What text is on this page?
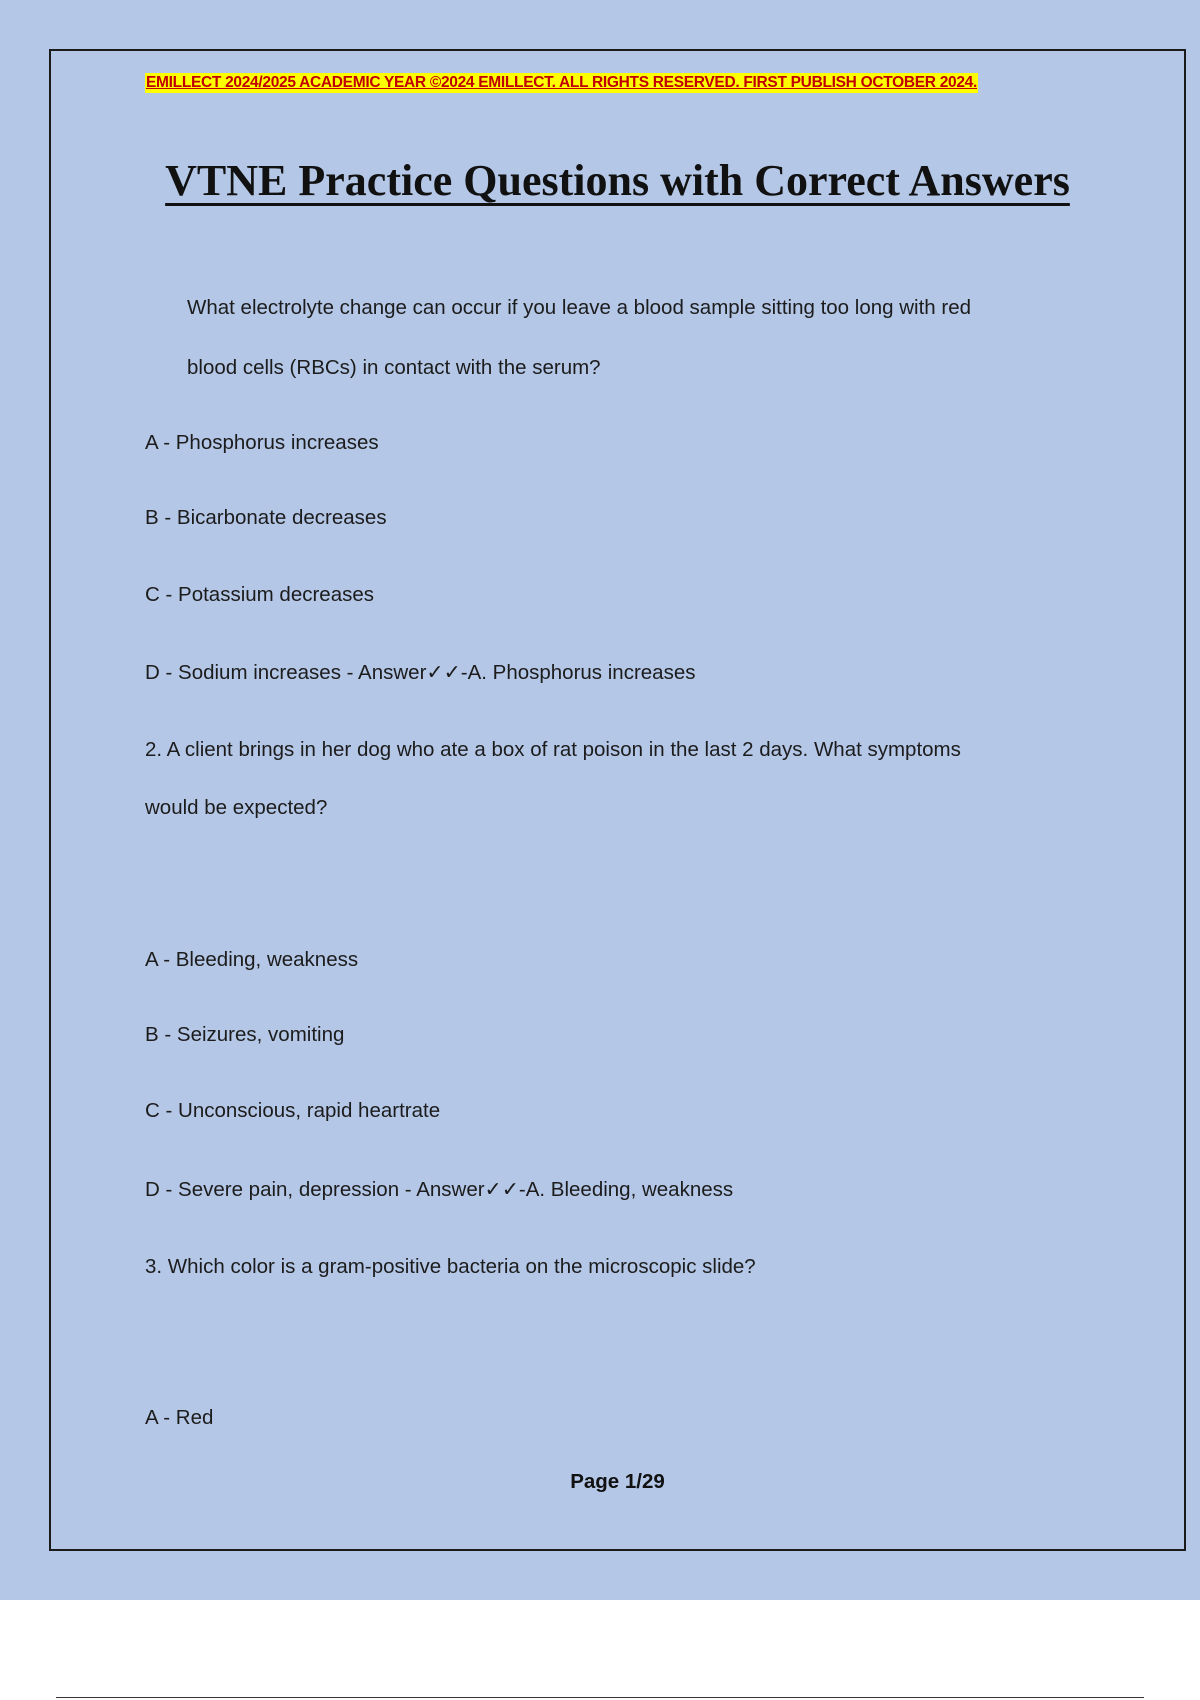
EMILLECT 2024/2025 ACADEMIC YEAR ©2024 EMILLECT. ALL RIGHTS RESERVED. FIRST PUBLISH OCTOBER 2024.
VTNE Practice Questions with Correct Answers
What electrolyte change can occur if you leave a blood sample sitting too long with red
blood cells (RBCs) in contact with the serum?
A - Phosphorus increases
B - Bicarbonate decreases
C - Potassium decreases
D - Sodium increases - Answer✓✓-A. Phosphorus increases
2. A client brings in her dog who ate a box of rat poison in the last 2 days. What symptoms
would be expected?
A - Bleeding, weakness
B - Seizures, vomiting
C - Unconscious, rapid heartrate
D - Severe pain, depression - Answer✓✓-A. Bleeding, weakness
3. Which color is a gram-positive bacteria on the microscopic slide?
A - Red
Page 1/29
